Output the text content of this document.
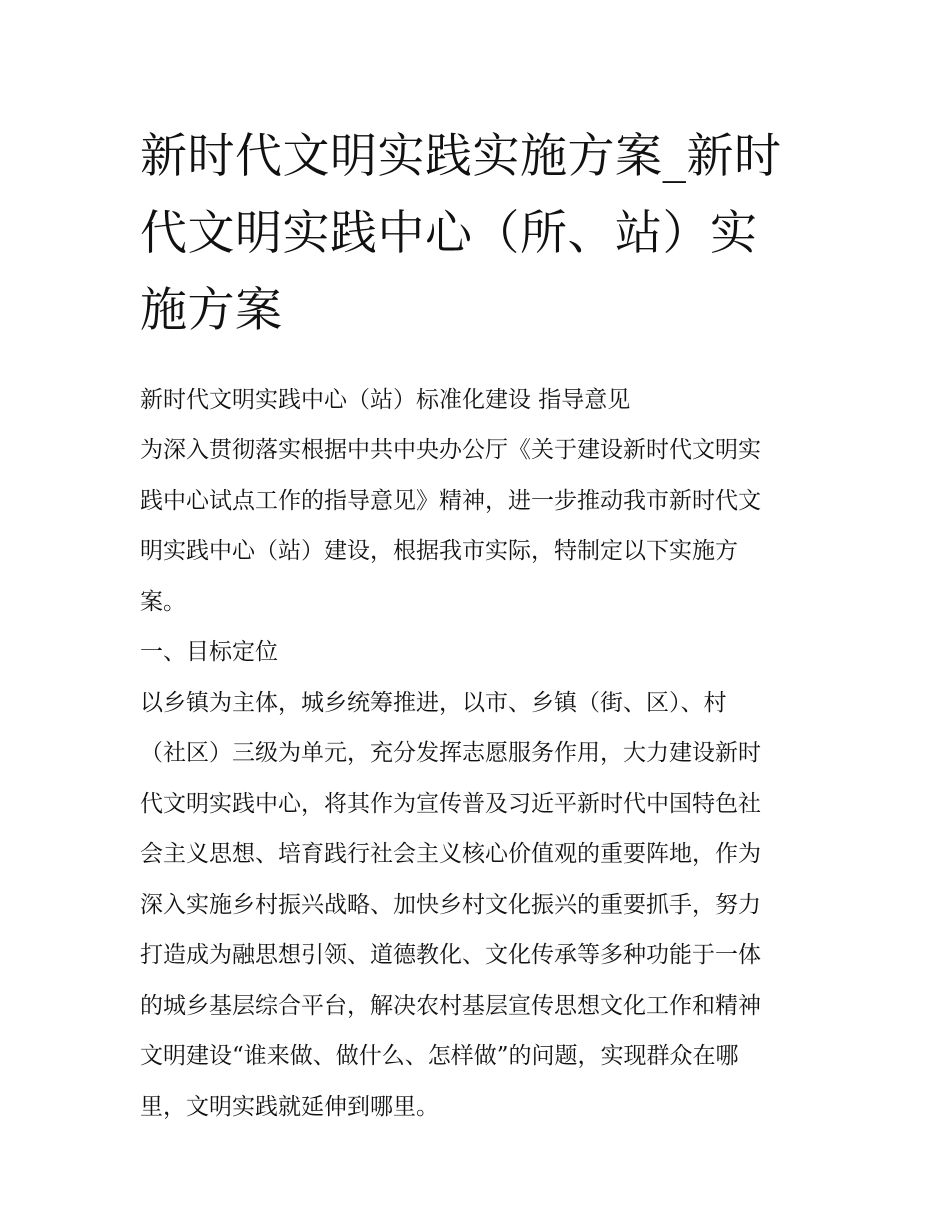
新时代文明实践实施方案_新时
代文明实践中心（所、站）实
施方案
新时代文明实践中心（站）标准化建设 指导意见
为深入贯彻落实根据中共中央办公厅《关于建设新时代文明实
践中心试点工作的指导意见》精神，进一步推动我市新时代文
明实践中心（站）建设，根据我市实际，特制定以下实施方
案。
一、目标定位
以乡镇为主体，城乡统筹推进，以市、乡镇（街、区）、村
（社区）三级为单元，充分发挥志愿服务作用，大力建设新时
代文明实践中心，将其作为宣传普及习近平新时代中国特色社
会主义思想、培育践行社会主义核心价值观的重要阵地，作为
深入实施乡村振兴战略、加快乡村文化振兴的重要抓手，努力
打造成为融思想引领、道德教化、文化传承等多种功能于一体
的城乡基层综合平台，解决农村基层宣传思想文化工作和精神
文明建设“谁来做、做什么、怎样做”的问题，实现群众在哪
里，文明实践就延伸到哪里。
